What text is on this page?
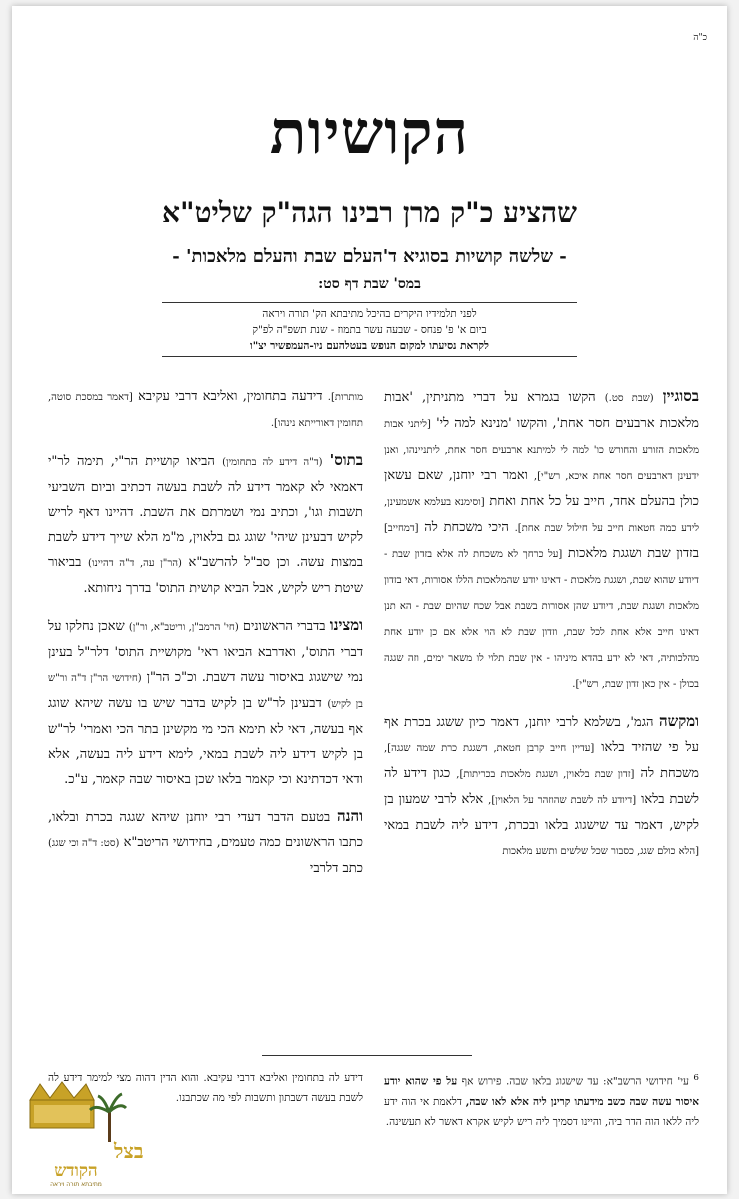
כ"ה
הקושיות
שהציע כ"ק מרן רבינו הגה"ק שליט"א
- שלשה קושיות בסוגיא ד'העלם שבת והעלם מלאכות' -
במס' שבת דף סט:
לפני תלמידיו היקרים בהיכל מתיבתא הק' תורה ויראה
ביום א' פ' פנחס - שבעה עשר בתמוז - שנת תשפ"ה לפ"ק
לקראת נסיעתו למקום הנופש בעטלהעם ניו-העמפשיר יצ"ו

בסוגיין (שבת סט.) הקשו בגמרא על דברי מתניתין, 'אבות מלאכות ארבעים חסר אחת', והקשו 'מנינא למה לי' [ליתני אבות מלאכות הזורע והחורש כו' למה לי למיתנא ארבעים חסר אחת, ליתניינהו, ואנן ידעינן דארבעים חסר אחת איכא, רש"י], ואמר רבי יוחנן, שאם עשאן כולן בהעלם אחד, חייב על כל אחת ואחת [וסימנא בעלמא אשמעינן, לידע כמה חטאות חייב על חילול שבת אחת]. היכי משכחת לה [דמחייב] בזדון שבת ושגגת מלאכות [על כרחך לא משכחת לה אלא בזדון שבת - דיודע שהוא שבת, ושגגת מלאכות - דאינו יודע שהמלאכות הללו אסורות, דאי בזדון מלאכות ושגגת שבת, דיודע שהן אסורות בשבת אבל שכח שהיום שבת - הא תנן דאינו חייב אלא אחת לכל שבת, וזדון שבת לא הוי אלא אם כן יודע אחת מהלכותיה, דאי לא ידע בהדא מיניהו - אין שבת תלוי לו משאר ימים, וזה שגגה בכולן - אין כאן זדון שבת, רש"י].

ומקשה הגמ', בשלמא לרבי יוחנן, דאמר כיון ששגג בכרת אף על פי שהזיד בלאו [עדיין חייב קרבן חטאת, דשגגת כרת שמה שגגה], משכחת לה [זדון שבת בלאוין, ושגגת מלאכות בכריתות], כגון דידע לה לשבת בלאו [דיודע לה לשבת שהוזהר על הלאוין], אלא לרבי שמעון בן לקיש, דאמר עד שישגוג בלאו ובכרת, דידע ליה לשבת במאי [הלא כולם שגג, כסבור שכל שלשים ותשע מלאכות

מותרות]. דידעה בתחומין, ואליבא דרבי עקיבא [דאמר במסכת סוטה, תחומין דאורייתא נינהו].

בתוס' (ד"ה דידע לה בתחומין) הביאו קושיית הר"י, תימה לר"י דאמאי לא קאמר דידע לה לשבת בעשה דכתיב וביום השביעי תשבות וגו', וכתיב נמי ושמרתם את השבת. דהיינו דאף לריש לקיש דבעינן שיהי' שוגג גם בלאוין, מ"מ הלא שייך דידע לשבת במצות עשה. וכן סב"ל להרשב"א (הר"ן עה, ד"ה דהיינו) בביאור שיטת ריש לקיש, אבל הביא קושית התוס' בדרך ניחותא.

ומצינו בדברי הראשונים (חי' הרמב"ן, וריטב"א, ור"ן) שאכן נחלקו על דברי התוס', ואדרבא הביאו ראי' מקושיית התוס' דלר"ל בעינן נמי שישגוג באיסור עשה דשבת. וכ"כ הר"ן (חידושי הר"ן ד"ה ור"ש בן לקיש) דבעינן לר"ש בן לקיש בדבר שיש בו עשה שיהא שוגג אף בעשה, דאי לא תימא הכי מי מקשינן בתר הכי ואמרי' לר"ש בן לקיש דידע ליה לשבת במאי, לימא דידע ליה בעשה, אלא ודאי דכדתינא וכי קאמר בלאו שכן באיסור שבה קאמר, ע"כ.

והנה בטעם הדבר דעדי רבי יוחנן שיהא שגגה בכרת ובלאו, כתבו הראשונים כמה טעמים, בחידושי הריטב"א (סט: ד"ה וכי שגג) כתב דלרבי

$^6$ עי' חידושי הרשב"א: עד שישגוג בלאו שבה. פירוש אף על פי שהוא יודע איסור עשה שבה כשב מידעתו קרינן ליה אלא לאו שבה, דלאמת אי הוה ידע ליה ללאו הוה הדר ביה, והיינו דסמיך ליה ריש לקיש אקרא דאשר לא תעשינה.
דידע לה בתחומין ואליבא דרבי עקיבא. והוא הדין דהוה מצי למימר דידע לה לשבת בעשה דשבתון ותשבות לפי מה שכתבנו.
בצל
הקודש
מתיבתא תורה ויראה
